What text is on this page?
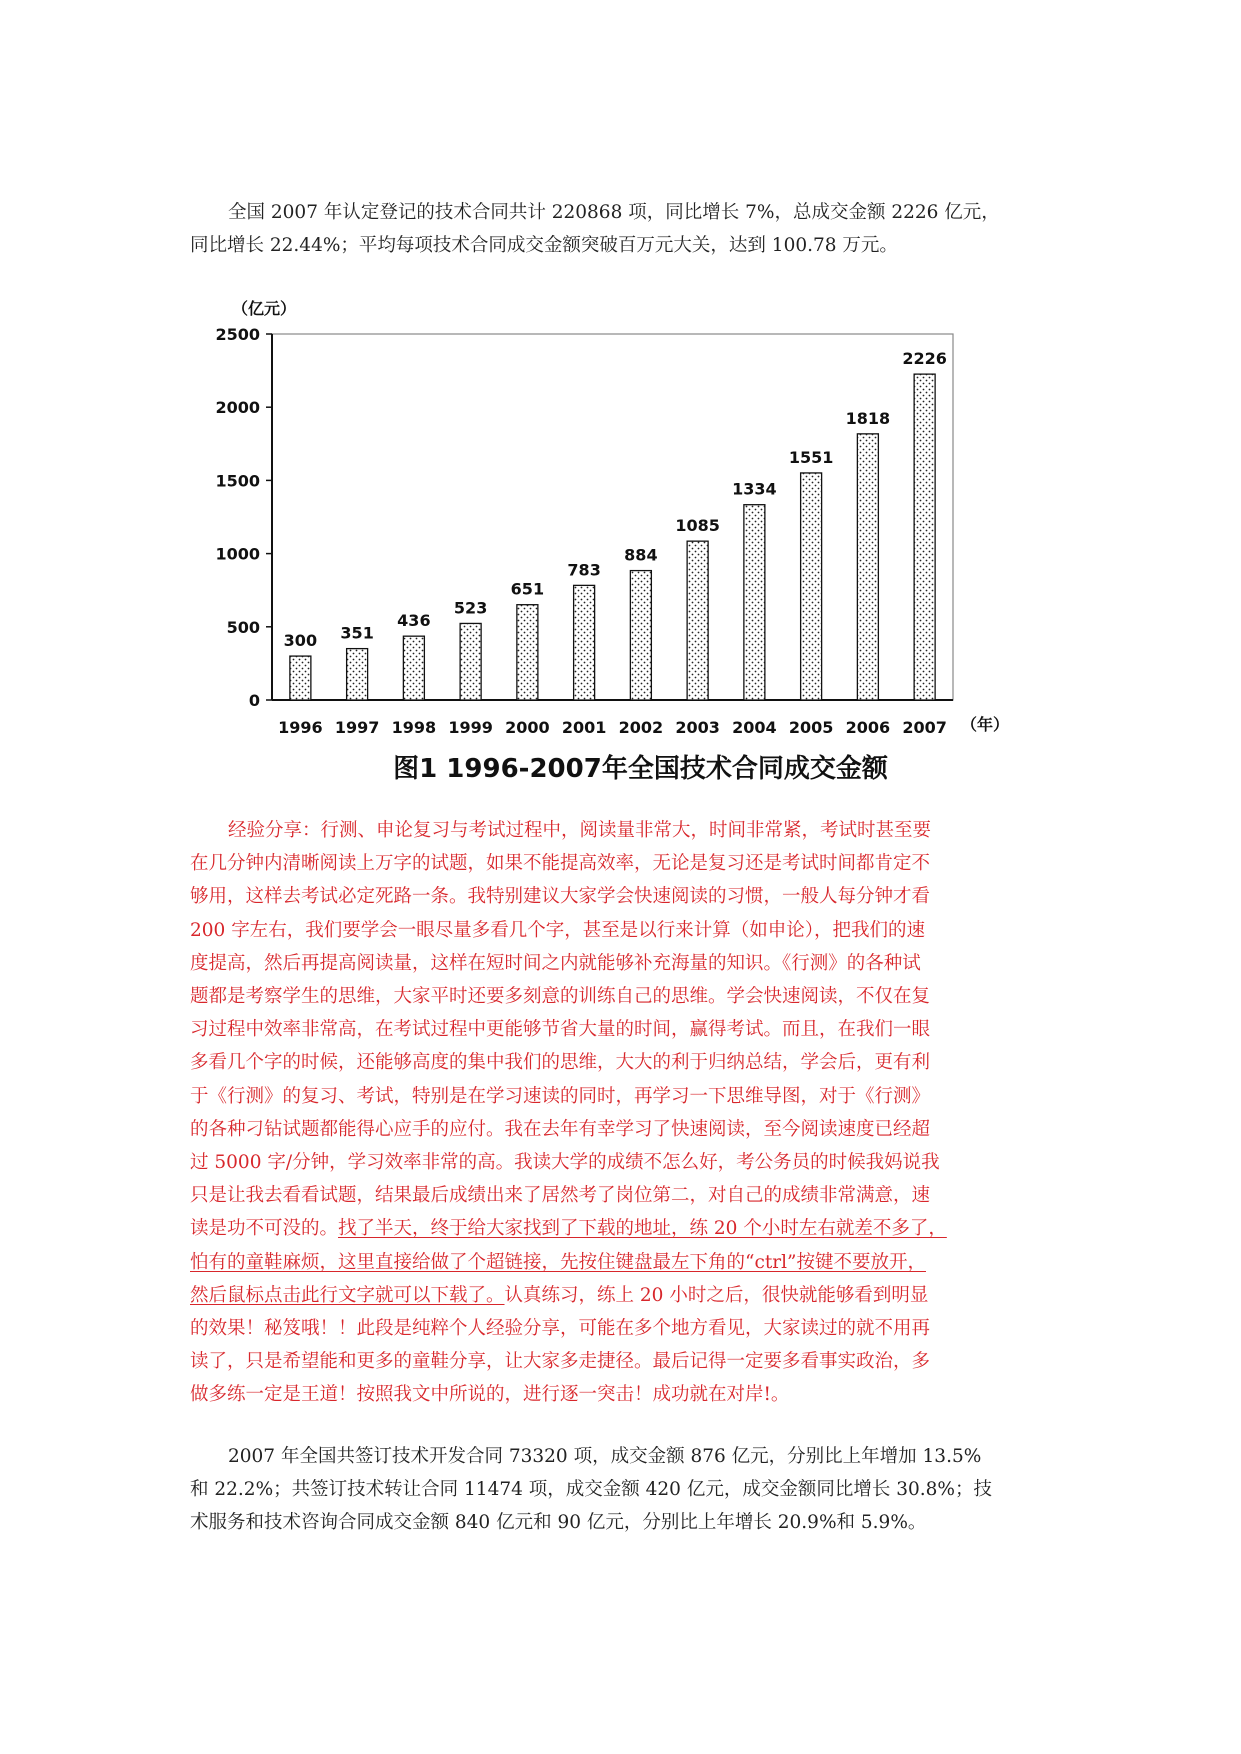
全国 2007 年认定登记的技术合同共计 220868 项，同比增长 7%，总成交金额 2226 亿元，
同比增长 22.44%；平均每项技术合同成交金额突破百万元大关，达到 100.78 万元。

0
500
1000
1500
2000
2500
（亿元）
300
1996
351
1997
436
1998
523
1999
651
2000
783
2001
884
2002
1085
2003
1334
2004
1551
2005
1818
2006
2226
2007 （年）
图1 1996-2007年全国技术合同成交金额

经验分享：行测、申论复习与考试过程中，阅读量非常大，时间非常紧，考试时甚至要
在几分钟内清晰阅读上万字的试题，如果不能提高效率，无论是复习还是考试时间都肯定不
够用，这样去考试必定死路一条。我特别建议大家学会快速阅读的习惯，一般人每分钟才看
200 字左右，我们要学会一眼尽量多看几个字，甚至是以行来计算（如申论），把我们的速
度提高，然后再提高阅读量，这样在短时间之内就能够补充海量的知识。《行测》的各种试
题都是考察学生的思维，大家平时还要多刻意的训练自己的思维。学会快速阅读，不仅在复
习过程中效率非常高，在考试过程中更能够节省大量的时间，赢得考试。而且，在我们一眼
多看几个字的时候，还能够高度的集中我们的思维，大大的利于归纳总结，学会后，更有利
于《行测》的复习、考试，特别是在学习速读的同时，再学习一下思维导图，对于《行测》
的各种刁钻试题都能得心应手的应付。我在去年有幸学习了快速阅读，至今阅读速度已经超
过 5000 字/分钟，学习效率非常的高。我读大学的成绩不怎么好，考公务员的时候我妈说我
只是让我去看看试题，结果最后成绩出来了居然考了岗位第二，对自己的成绩非常满意，速
读是功不可没的。找了半天，终于给大家找到了下载的地址，练 20 个小时左右就差不多了，
怕有的童鞋麻烦，这里直接给做了个超链接，先按住键盘最左下角的“ctrl”按键不要放开，
然后鼠标点击此行文字就可以下载了。认真练习，练上 20 小时之后，很快就能够看到明显
的效果！秘笈哦！！此段是纯粹个人经验分享，可能在多个地方看见，大家读过的就不用再
读了，只是希望能和更多的童鞋分享，让大家多走捷径。最后记得一定要多看事实政治，多
做多练一定是王道！按照我文中所说的，进行逐一突击！成功就在对岸!。

2007 年全国共签订技术开发合同 73320 项，成交金额 876 亿元，分别比上年增加 13.5%
和 22.2%；共签订技术转让合同 11474 项，成交金额 420 亿元，成交金额同比增长 30.8%；技
术服务和技术咨询合同成交金额 840 亿元和 90 亿元，分别比上年增长 20.9%和 5.9%。
